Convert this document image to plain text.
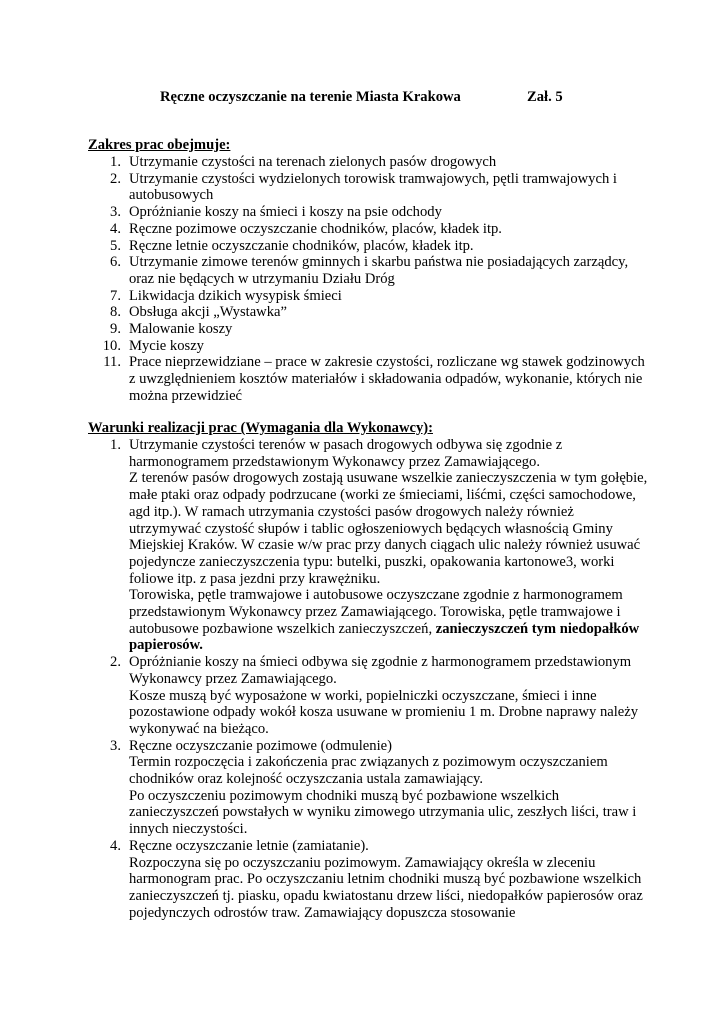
Ręczne oczyszczanie na terenie Miasta Krakowa	Zał. 5
Zakres prac obejmuje:
1. Utrzymanie czystości na terenach zielonych pasów drogowych
2. Utrzymanie czystości wydzielonych torowisk tramwajowych, pętli tramwajowych i autobusowych
3. Opróżnianie koszy na śmieci i koszy na psie odchody
4. Ręczne pozimowe oczyszczanie chodników, placów, kładek itp.
5. Ręczne letnie oczyszczanie chodników, placów, kładek itp.
6. Utrzymanie zimowe terenów gminnych i skarbu państwa nie posiadających zarządcy, oraz nie będących w utrzymaniu Działu Dróg
7. Likwidacja dzikich wysypisk śmieci
8. Obsługa akcji „Wystawka”
9. Malowanie koszy
10. Mycie koszy
11. Prace nieprzewidziane – prace w zakresie czystości, rozliczane wg stawek godzinowych z uwzględnieniem kosztów materiałów i składowania odpadów, wykonanie, których nie można przewidzieć
Warunki realizacji prac (Wymagania dla Wykonawcy):
1. Utrzymanie czystości terenów w pasach drogowych odbywa się zgodnie z harmonogramem przedstawionym Wykonawcy przez Zamawiającego.
Z terenów pasów drogowych zostają usuwane wszelkie zanieczyszczenia w tym gołębie, małe ptaki oraz odpady podrzucane (worki ze śmieciami, liśćmi, części samochodowe, agd itp.). W ramach utrzymania czystości pasów drogowych należy również utrzymywać czystość słupów i tablic ogłoszeniowych będących własnością Gminy Miejskiej Kraków. W czasie w/w prac przy danych ciągach ulic należy również usuwać pojedyncze zanieczyszczenia typu: butelki, puszki, opakowania kartonowe3, worki foliowe itp. z pasa jezdni przy krawężniku.
Torowiska, pętle tramwajowe i autobusowe oczyszczane zgodnie z harmonogramem przedstawionym Wykonawcy przez Zamawiającego. Torowiska, pętle tramwajowe i autobusowe pozbawione wszelkich zanieczyszczeń, zanieczyszczeń tym niedopałków papierosów.
2. Opróżnianie koszy na śmieci odbywa się zgodnie z harmonogramem przedstawionym Wykonawcy przez Zamawiającego.
Kosze muszą być wyposażone w worki, popielniczki oczyszczane, śmieci i inne pozostawione odpady wokół kosza usuwane w promieniu 1 m. Drobne naprawy należy wykonywać na bieżąco.
3. Ręczne oczyszczanie pozimowe (odmulenie)
Termin rozpoczęcia i zakończenia prac związanych z pozimowym oczyszczaniem chodników oraz kolejność oczyszczania ustala zamawiający.
Po oczyszczeniu pozimowym chodniki muszą być pozbawione wszelkich zanieczyszczeń powstałych w wyniku zimowego utrzymania ulic, zeszłych liści, traw i innych nieczystości.
4. Ręczne oczyszczanie letnie (zamiatanie).
Rozpoczyna się po oczyszczaniu pozimowym. Zamawiający określa w zleceniu harmonogram prac. Po oczyszczaniu letnim chodniki muszą być pozbawione wszelkich zanieczyszczeń tj. piasku, opadu kwiatostanu drzew liści, niedopałków papierosów oraz pojedynczych odrostów traw. Zamawiający dopuszcza stosowanie
